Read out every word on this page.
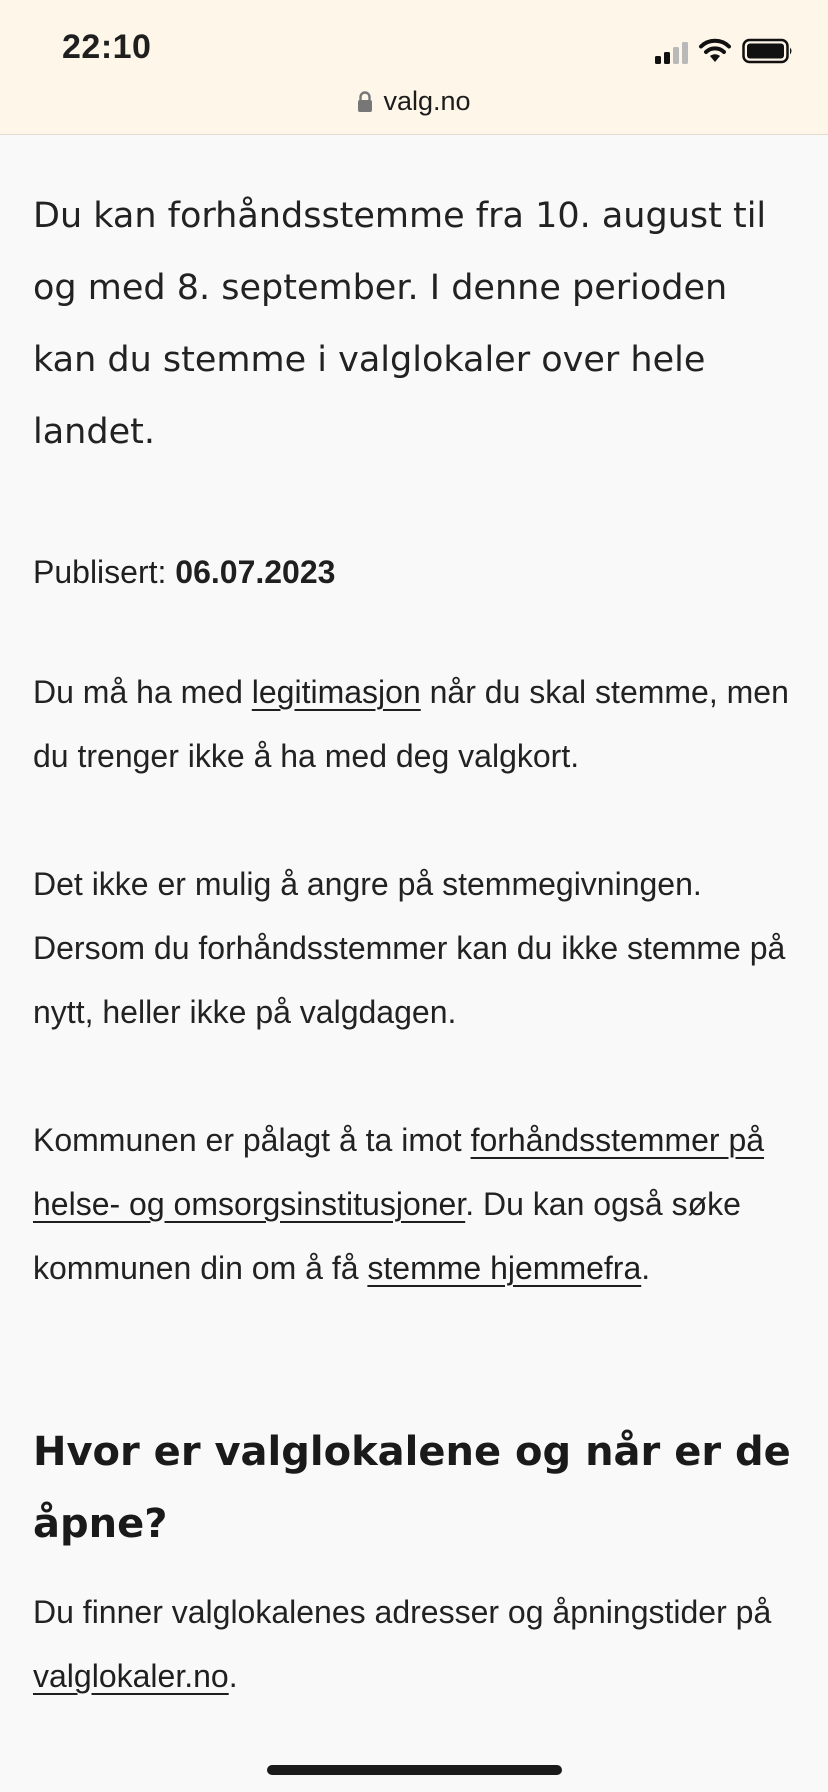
22:10
valg.no

Du kan forhåndsstemme fra 10. august til og med 8. september. I denne perioden kan du stemme i valglokaler over hele landet.

Publisert: 06.07.2023

Du må ha med legitimasjon når du skal stemme, men du trenger ikke å ha med deg valgkort.

Det ikke er mulig å angre på stemmegivningen. Dersom du forhåndsstemmer kan du ikke stemme på nytt, heller ikke på valgdagen.

Kommunen er pålagt å ta imot forhåndsstemmer på helse- og omsorgsinstitusjoner. Du kan også søke kommunen din om å få stemme hjemmefra.

Hvor er valglokalene og når er de åpne?

Du finner valglokalenes adresser og åpningstider på valglokaler.no.
